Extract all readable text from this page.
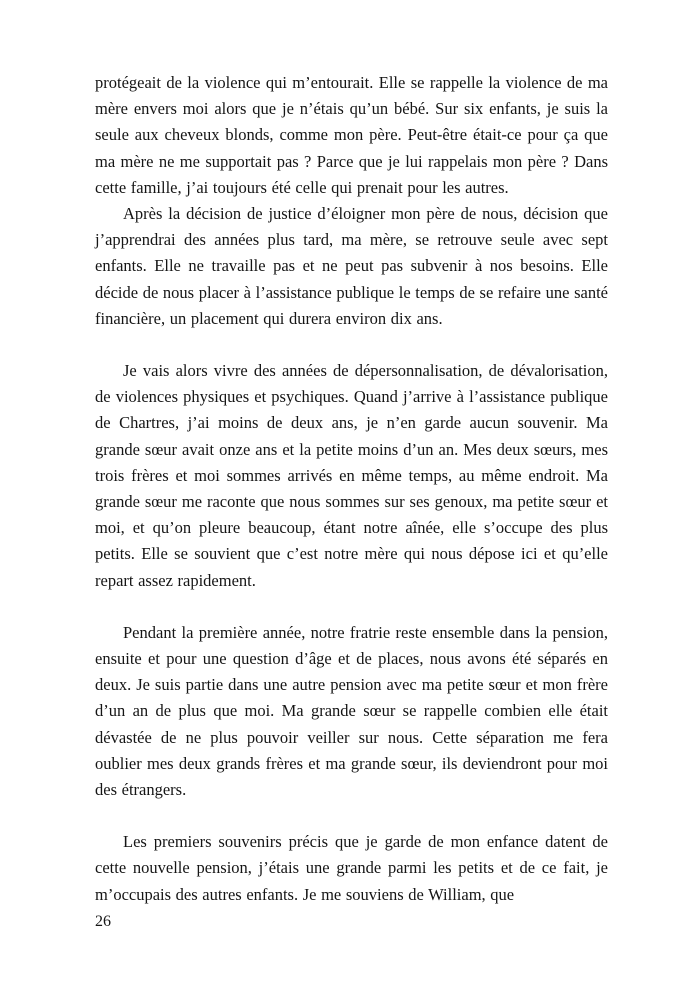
protégeait de la violence qui m’entourait. Elle se rappelle la violence de ma mère envers moi alors que je n’étais qu’un bébé. Sur six enfants, je suis la seule aux cheveux blonds, comme mon père. Peut-être était-ce pour ça que ma mère ne me supportait pas ? Parce que je lui rappelais mon père ? Dans cette famille, j’ai toujours été celle qui prenait pour les autres.

Après la décision de justice d’éloigner mon père de nous, décision que j’apprendrai des années plus tard, ma mère, se retrouve seule avec sept enfants. Elle ne travaille pas et ne peut pas subvenir à nos besoins. Elle décide de nous placer à l’assistance publique le temps de se refaire une santé financière, un placement qui durera environ dix ans.

Je vais alors vivre des années de dépersonnalisation, de dévalorisation, de violences physiques et psychiques. Quand j’arrive à l’assistance publique de Chartres, j’ai moins de deux ans, je n’en garde aucun souvenir. Ma grande sœur avait onze ans et la petite moins d’un an. Mes deux sœurs, mes trois frères et moi sommes arrivés en même temps, au même endroit. Ma grande sœur me raconte que nous sommes sur ses genoux, ma petite sœur et moi, et qu’on pleure beaucoup, étant notre aînée, elle s’occupe des plus petits. Elle se souvient que c’est notre mère qui nous dépose ici et qu’elle repart assez rapidement.

Pendant la première année, notre fratrie reste ensemble dans la pension, ensuite et pour une question d’âge et de places, nous avons été séparés en deux. Je suis partie dans une autre pension avec ma petite sœur et mon frère d’un an de plus que moi. Ma grande sœur se rappelle combien elle était dévastée de ne plus pouvoir veiller sur nous. Cette séparation me fera oublier mes deux grands frères et ma grande sœur, ils deviendront pour moi des étrangers.

Les premiers souvenirs précis que je garde de mon enfance datent de cette nouvelle pension, j’étais une grande parmi les petits et de ce fait, je m’occupais des autres enfants. Je me souviens de William, que

26
